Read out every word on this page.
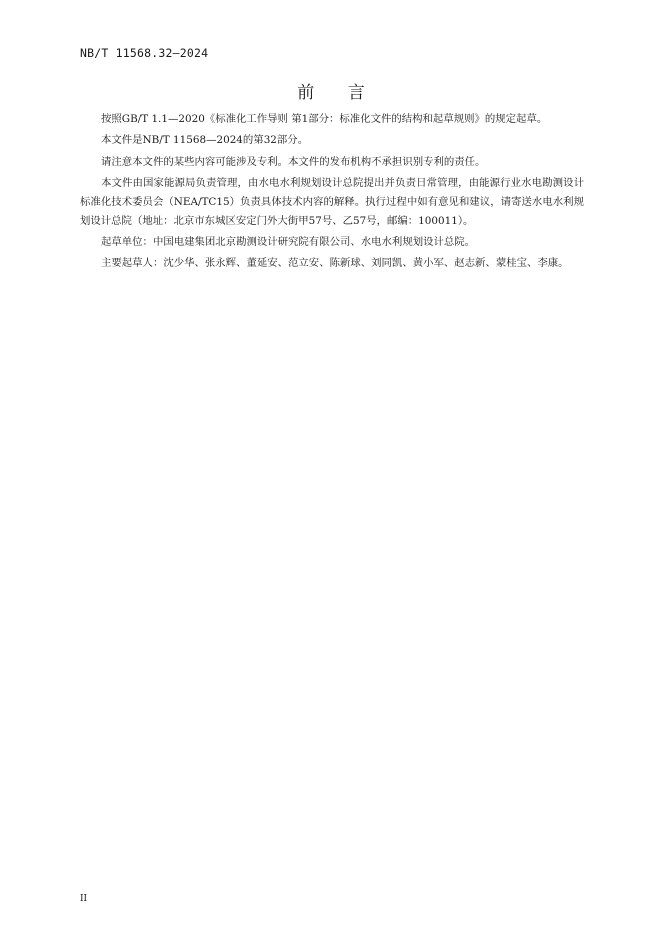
NB/T 11568.32—2024
前 言

按照GB/T 1.1—2020《标准化工作导则 第1部分：标准化文件的结构和起草规则》的规定起草。

本文件是NB/T 11568—2024的第32部分。

请注意本文件的某些内容可能涉及专利。本文件的发布机构不承担识别专利的责任。

本文件由国家能源局负责管理，由水电水利规划设计总院提出并负责日常管理，由能源行业水电勘测设计标准化技术委员会（NEA/TC15）负责具体技术内容的解释。执行过程中如有意见和建议，请寄送水电水利规划设计总院（地址：北京市东城区安定门外大街甲57号、乙57号，邮编：100011）。

起草单位：中国电建集团北京勘测设计研究院有限公司、水电水利规划设计总院。

主要起草人：沈少华、张永辉、董延安、范立安、陈新球、刘同凯、黄小军、赵志新、蒙桂宝、李康。

II
